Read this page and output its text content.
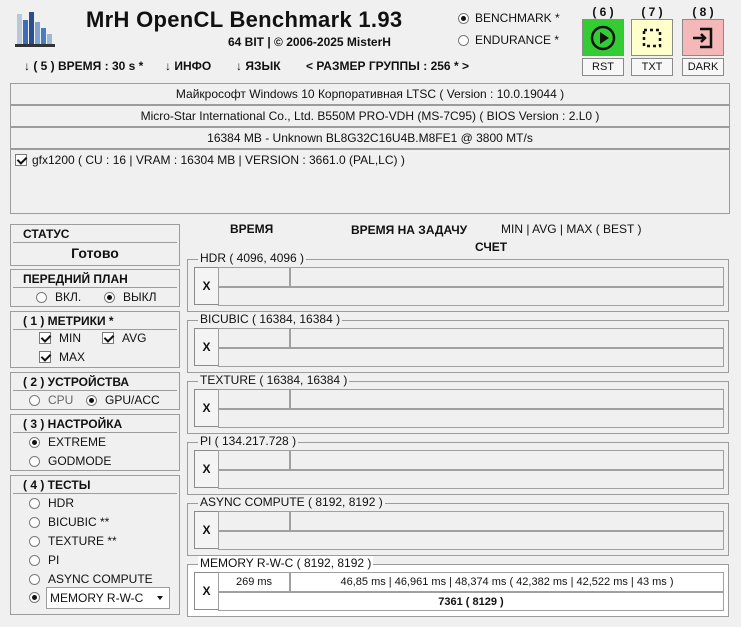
MrH OpenCL Benchmark 1.93
64 BIT | © 2006-2025 MisterH
BENCHMARK *
ENDURANCE *
( 6 )
RST
( 7 )
TXT
( 8 )
DARK
↓ ( 5 ) ВРЕМЯ : 30 s * ↓ ИНФО ↓ ЯЗЫК < РАЗМЕР ГРУППЫ : 256 * >
Майкрософт Windows 10 Корпоративная LTSC ( Version : 10.0.19044 )
Micro-Star International Co., Ltd. B550M PRO-VDH (MS-7C95) ( BIOS Version : 2.L0 )
16384 MB - Unknown BL8G32C16U4B.M8FE1 @ 3800 MT/s
gfx1200 ( CU : 16 | VRAM : 16304 MB | VERSION : 3661.0 (PAL,LC) )
СТАТУС
Готово
ПЕРЕДНИЙ ПЛАН
ВКЛ.	ВЫКЛ
( 1 ) МЕТРИКИ *
MIN	AVG
MAX
( 2 ) УСТРОЙСТВА
CPU	GPU/ACC
( 3 ) НАСТРОЙКА
EXTREME
GODMODE
( 4 ) ТЕСТЫ
HDR
BICUBIC **
TEXTURE **
PI
ASYNC COMPUTE
MEMORY R-W-C
ВРЕМЯ	ВРЕМЯ НА ЗАДАЧУ	MIN | AVG | MAX ( BEST )
СЧЕТ
HDR ( 4096, 4096 )
X
BICUBIC ( 16384, 16384 )
X
TEXTURE ( 16384, 16384 )
X
PI ( 134.217.728 )
X
ASYNC COMPUTE ( 8192, 8192 )
X
MEMORY R-W-C ( 8192, 8192 )
X
269 ms	46,85 ms | 46,961 ms | 48,374 ms ( 42,382 ms | 42,522 ms | 43 ms )
7361 ( 8129 )
